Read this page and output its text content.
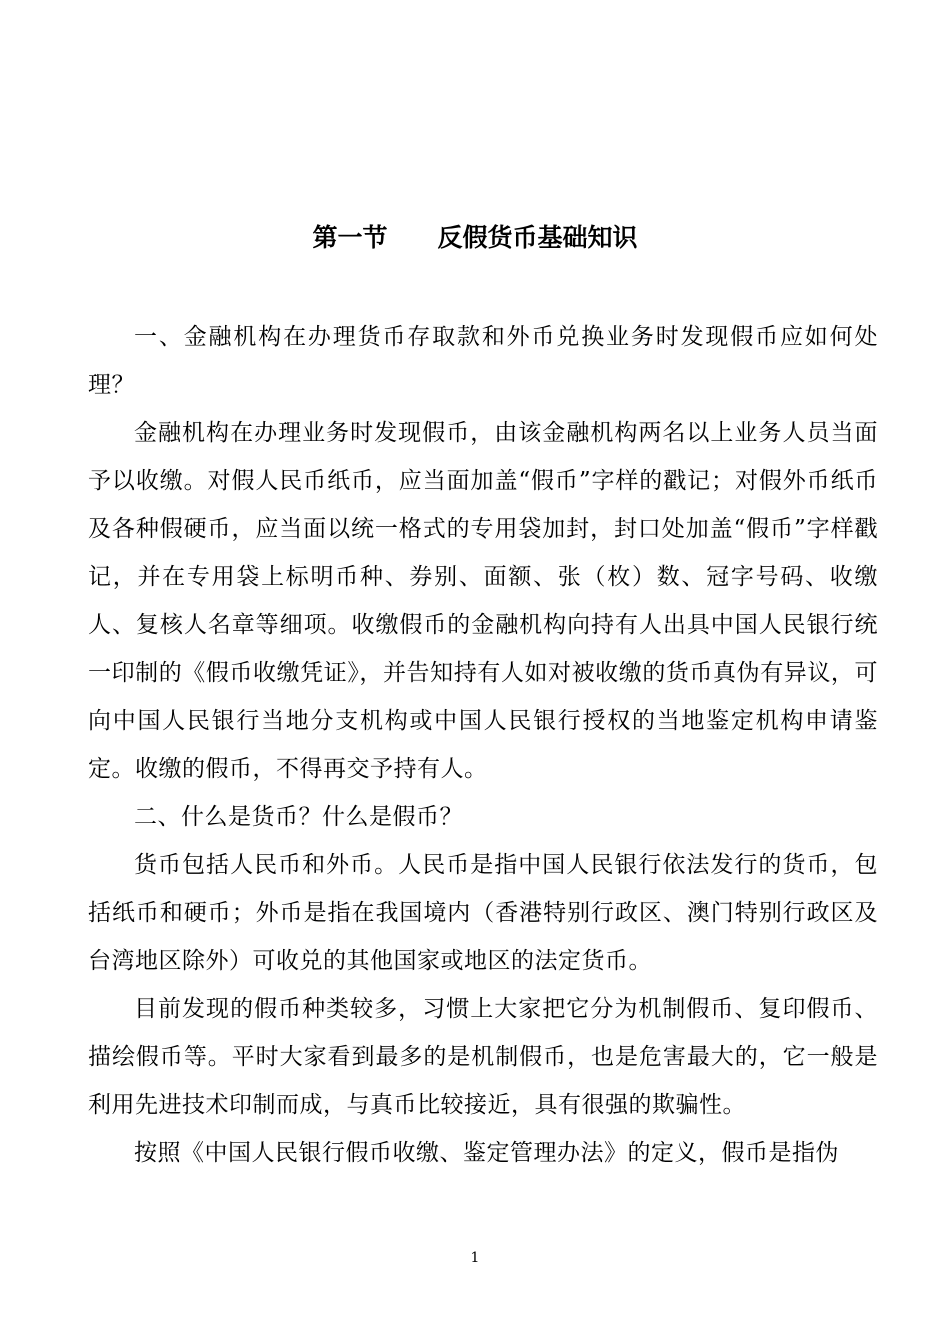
第一节　　反假货币基础知识

一、金融机构在办理货币存取款和外币兑换业务时发现假币应如何处理？

金融机构在办理业务时发现假币，由该金融机构两名以上业务人员当面予以收缴。对假人民币纸币，应当面加盖“假币”字样的戳记；对假外币纸币及各种假硬币，应当面以统一格式的专用袋加封，封口处加盖“假币”字样戳记，并在专用袋上标明币种、券别、面额、张（枚）数、冠字号码、收缴人、复核人名章等细项。收缴假币的金融机构向持有人出具中国人民银行统一印制的《假币收缴凭证》，并告知持有人如对被收缴的货币真伪有异议，可向中国人民银行当地分支机构或中国人民银行授权的当地鉴定机构申请鉴定。收缴的假币，不得再交予持有人。

二、什么是货币？什么是假币？

货币包括人民币和外币。人民币是指中国人民银行依法发行的货币，包括纸币和硬币；外币是指在我国境内（香港特别行政区、澳门特别行政区及台湾地区除外）可收兑的其他国家或地区的法定货币。

目前发现的假币种类较多，习惯上大家把它分为机制假币、复印假币、描绘假币等。平时大家看到最多的是机制假币，也是危害最大的，它一般是利用先进技术印制而成，与真币比较接近，具有很强的欺骗性。

按照《中国人民银行假币收缴、鉴定管理办法》的定义，假币是指伪

1
